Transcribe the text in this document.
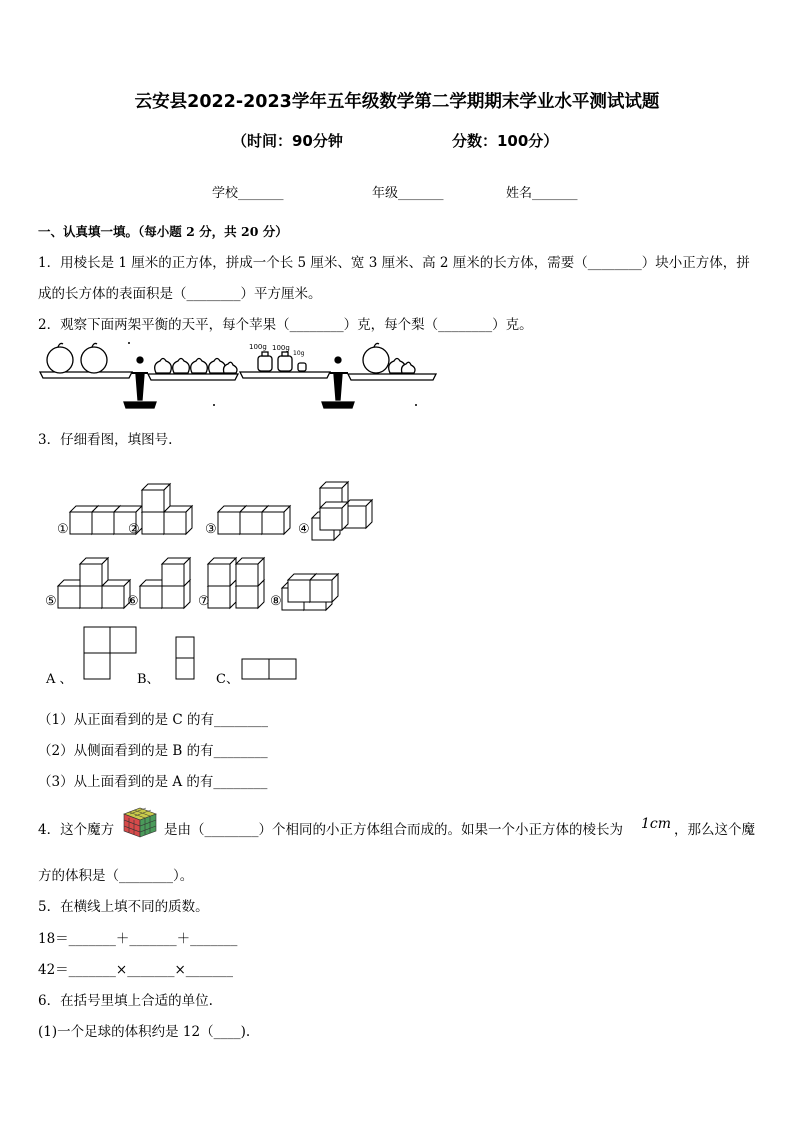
云安县2022-2023学年五年级数学第二学期期末学业水平测试试题
（时间：90分钟	分数：100分）
学校_______	年级_______	姓名_______
一、认真填一填。（每小题 2 分，共 20 分）
1．用棱长是 1 厘米的正方体，拼成一个长 5 厘米、宽 3 厘米、高 2 厘米的长方体，需要（________）块小正方体，拼
成的长方体的表面积是（________）平方厘米。
2．观察下面两架平衡的天平，每个苹果（________）克，每个梨（________）克。
100g 100g
10g
3．仔细看图，填图号.
①	②	③	④
⑤	⑥	⑦	⑧
A 、	B、	C、
（1）从正面看到的是 C 的有________
（2）从侧面看到的是 B 的有________
（3）从上面看到的是 A 的有________
4．这个魔方	是由（________）个相同的小正方体组合而成的。如果一个小正方体的棱长为 1cm ，那么这个魔
方的体积是（________）。
5．在横线上填不同的质数。
18＝_______＋_______＋_______
42＝_______×_______×_______
6．在括号里填上合适的单位.
(1)一个足球的体积约是 12（____).
